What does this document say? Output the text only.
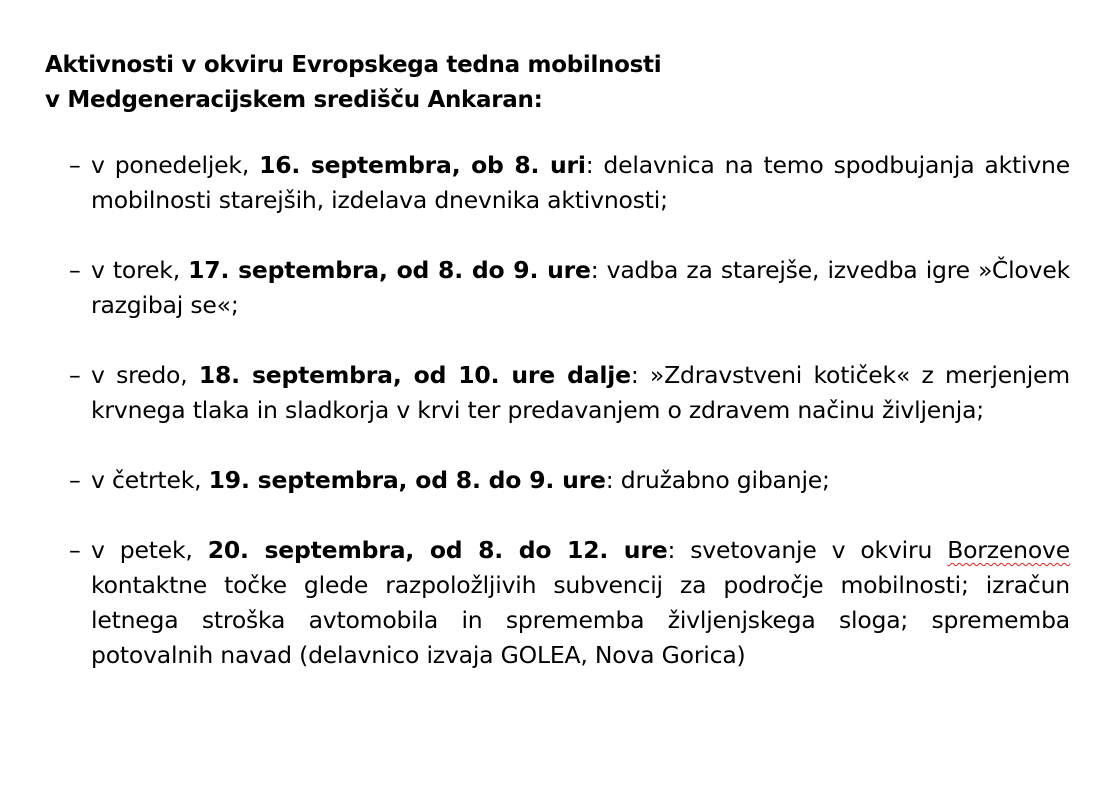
Aktivnosti v okviru Evropskega tedna mobilnosti
v Medgeneracijskem središču Ankaran:

– v ponedeljek, 16. septembra, ob 8. uri: delavnica na temo spodbujanja aktivne mobilnosti starejših, izdelava dnevnika aktivnosti;
– v torek, 17. septembra, od 8. do 9. ure: vadba za starejše, izvedba igre »Človek razgibaj se«;
– v sredo, 18. septembra, od 10. ure dalje: »Zdravstveni kotiček« z merjenjem krvnega tlaka in sladkorja v krvi ter predavanjem o zdravem načinu življenja;
– v četrtek, 19. septembra, od 8. do 9. ure: družabno gibanje;
– v petek, 20. septembra, od 8. do 12. ure: svetovanje v okviru Borzenove kontaktne točke glede razpoložljivih subvencij za področje mobilnosti; izračun letnega stroška avtomobila in sprememba življenjskega sloga; sprememba potovalnih navad (delavnico izvaja GOLEA, Nova Gorica)
